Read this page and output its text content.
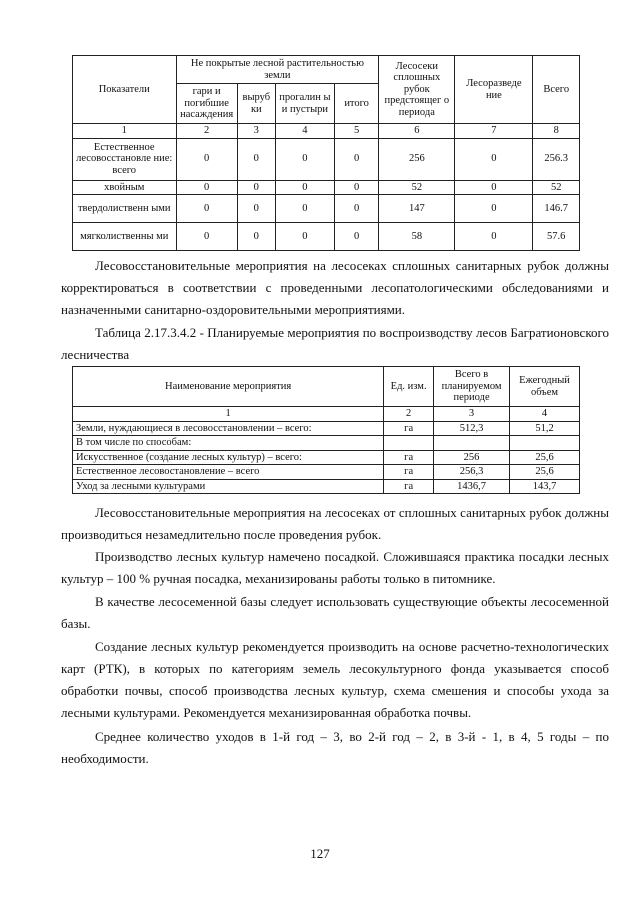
Показатели	Не покрытые лесной растительностью земли				Лесосеки сплошных рубок предстоящег о периода	Лесоразведе ние	Всего
	гари и погибшие насаждения	выруб ки	прогалин ы и пустыри	итого			
1	2	3	4	5	6	7	8
Естественное лесовосстановле ние: всего	0	0	0	0	256	0	256.3
хвойным	0	0	0	0	52	0	52
твердолиственн ыми	0	0	0	0	147	0	146.7
мягколиственны ми	0	0	0	0	58	0	57.6

Лесовосстановительные мероприятия на лесосеках сплошных санитарных рубок должны корректироваться в соответствии с проведенными лесопатологическими обследованиями и назначенными санитарно-оздоровительными мероприятиями.

Таблица 2.17.3.4.2 - Планируемые мероприятия по воспроизводству лесов Багратионовского лесничества

Наименование мероприятия	Ед. изм.	Всего в планируемом периоде	Ежегодный объем
1	2	3	4
Земли, нуждающиеся в лесовосстановлении – всего:	га	512,3	51,2
В том числе по способам:			
Искусственное (создание лесных культур) – всего:	га	256	25,6
Естественное лесовостановление – всего	га	256,3	25,6
Уход за лесными культурами	га	1436,7	143,7

Лесовосстановительные мероприятия на лесосеках от сплошных санитарных рубок должны производиться незамедлительно после проведения рубок.

Производство лесных культур намечено посадкой. Сложившаяся практика посадки лесных культур – 100 % ручная посадка, механизированы работы только в питомнике.

В качестве лесосеменной базы следует использовать существующие объекты лесосеменной базы.

Создание лесных культур рекомендуется производить на основе расчетно-технологических карт (РТК), в которых по категориям земель лесокультурного фонда указывается способ обработки почвы, способ производства лесных культур, схема смешения и способы ухода за лесными культурами. Рекомендуется механизированная обработка почвы.

Среднее количество уходов в 1-й год – 3, во 2-й год – 2, в 3-й - 1, в 4, 5 годы – по необходимости.

127
